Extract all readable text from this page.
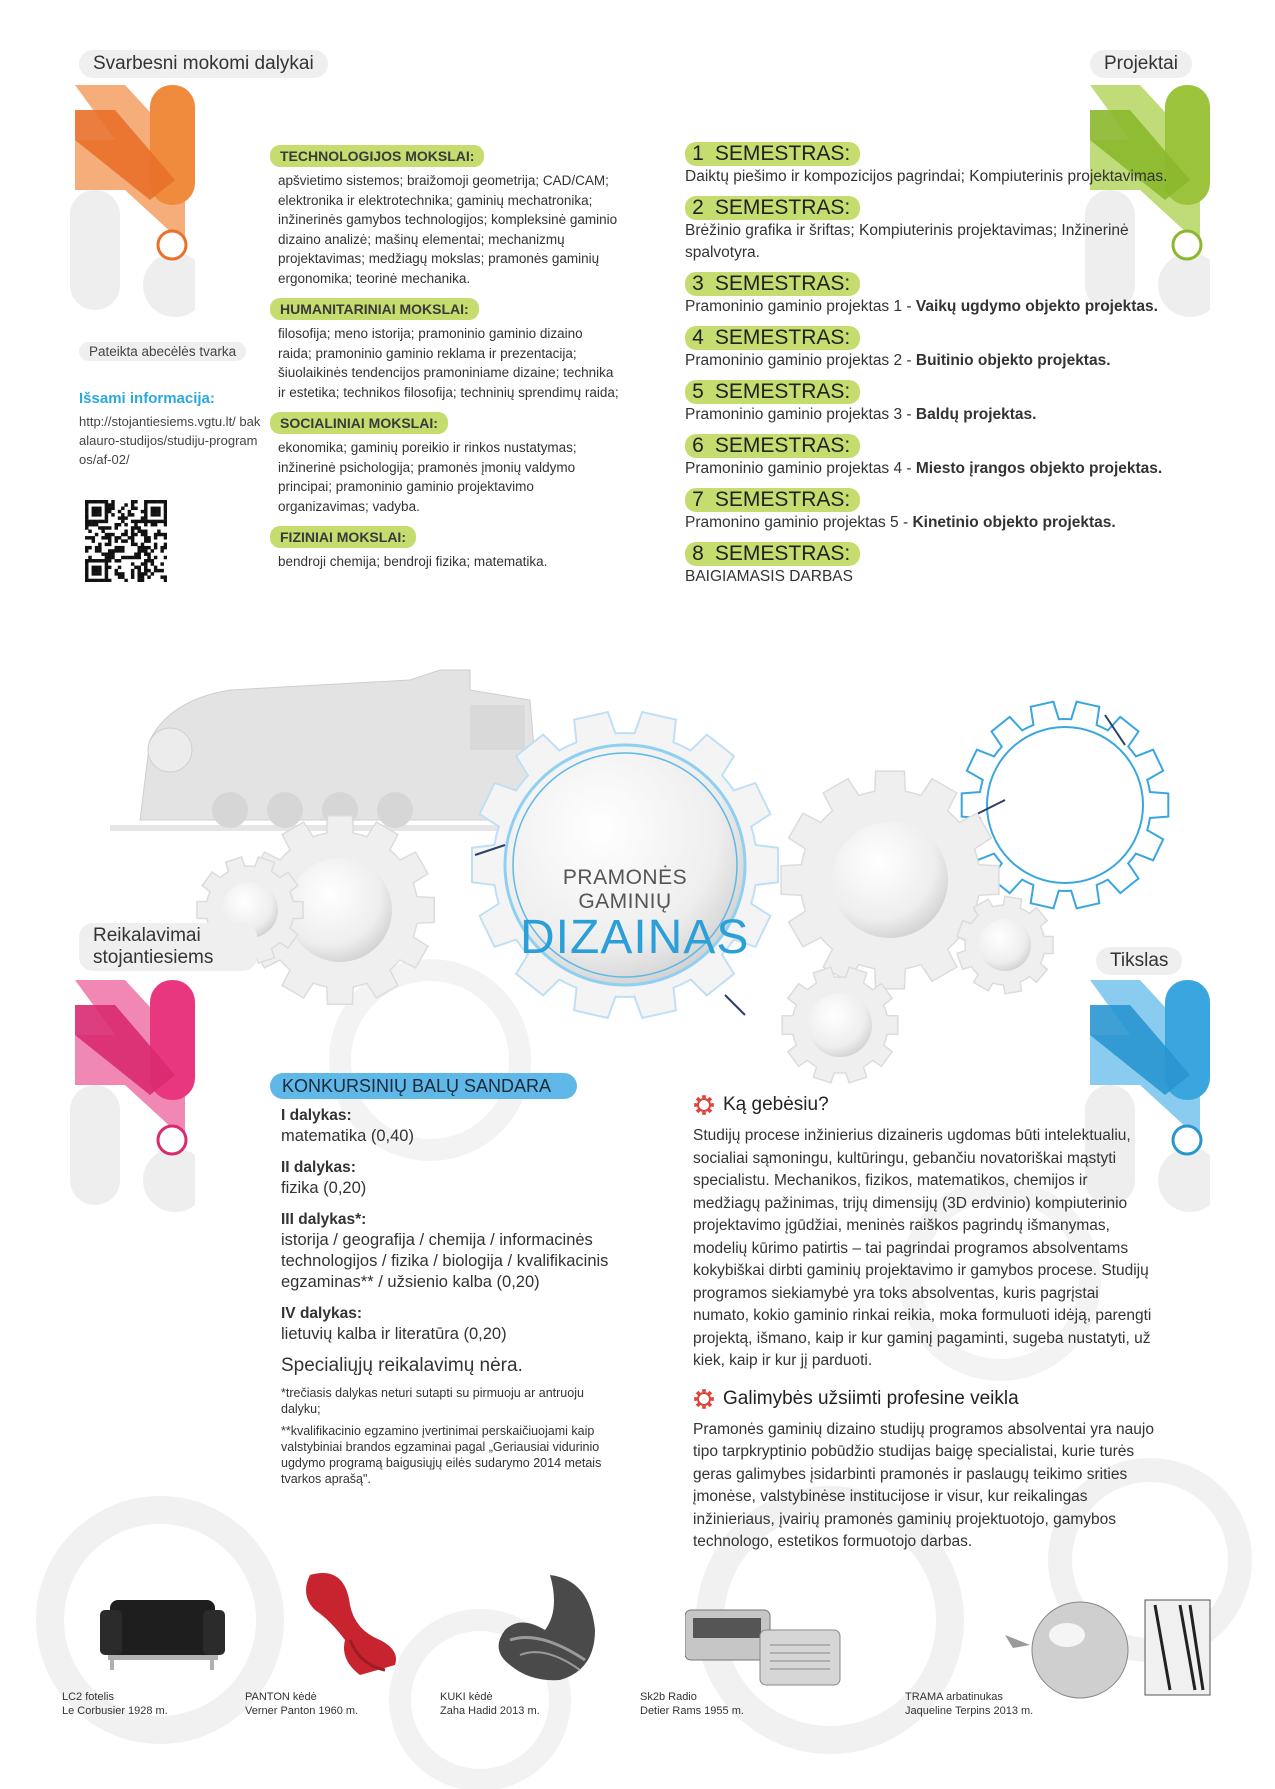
PRAMONĖS GAMINIŲ
DIZAINAS
Svarbesni mokomi dalykai	Projektai
Reikalavimai stojantiesiems	Tikslas
Pateikta abecėlės tvarka
Išsami informacija:
http://stojantiesiems.vgtu.lt/ bakalauro-studijos/studiju-programos/af-02/
TECHNOLOGIJOS MOKSLAI:
apšvietimo sistemos; braižomoji geometrija; CAD/CAM; elektronika ir elektrotechnika; gaminių mechatronika; inžinerinės gamybos technologijos; kompleksinė gaminio dizaino analizė; mašinų elementai; mechanizmų projektavimas; medžiagų mokslas; pramonės gaminių ergonomika; teorinė mechanika.
HUMANITARINIAI MOKSLAI:
filosofija; meno istorija; pramoninio gaminio dizaino raida; pramoninio gaminio reklama ir prezentacija; šiuolaikinės tendencijos pramoniniame dizaine; technika ir estetika; technikos filosofija; techninių sprendimų raida;
SOCIALINIAI MOKSLAI:
ekonomika; gaminių poreikio ir rinkos nustatymas; inžinerinė psichologija; pramonės įmonių valdymo principai; pramoninio gaminio projektavimo organizavimas; vadyba.
FIZINIAI MOKSLAI:
bendroji chemija; bendroji fizika; matematika.
1 SEMESTRAS:
Daiktų piešimo ir kompozicijos pagrindai; Kompiuterinis projektavimas.
2 SEMESTRAS:
Brėžinio grafika ir šriftas; Kompiuterinis projektavimas; Inžinerinė spalvotyra.
3 SEMESTRAS:
Pramoninio gaminio projektas 1 - Vaikų ugdymo objekto projektas.
4 SEMESTRAS:
Pramoninio gaminio projektas 2 - Buitinio objekto projektas.
5 SEMESTRAS:
Pramoninio gaminio projektas 3 - Baldų projektas.
6 SEMESTRAS:
Pramoninio gaminio projektas 4 - Miesto įrangos objekto projektas.
7 SEMESTRAS:
Pramonino gaminio projektas 5 - Kinetinio objekto projektas.
8 SEMESTRAS:
BAIGIAMASIS DARBAS
KONKURSINIŲ BALŲ SANDARA
I dalykas:
matematika (0,40)
II dalykas:
fizika (0,20)
III dalykas*:
istorija / geografija / chemija / informacinės technologijos / fizika / biologija / kvalifikacinis egzaminas** / užsienio kalba (0,20)
IV dalykas:
lietuvių kalba ir literatūra (0,20)
Specialiųjų reikalavimų nėra.
*trečiasis dalykas neturi sutapti su pirmuoju ar antruoju dalyku;
**kvalifikacinio egzamino įvertinimai perskaičiuojami kaip valstybiniai brandos egzaminai pagal „Geriausiai vidurinio ugdymo programą baigusiųjų eilės sudarymo 2014 metais tvarkos aprašą".
Ką gebėsiu?
Studijų procese inžinierius dizaineris ugdomas būti intelektualiu, socialiai sąmoningu, kultūringu, gebančiu novatoriškai mąstyti specialistu. Mechanikos, fizikos, matematikos, chemijos ir medžiagų pažinimas, trijų dimensijų (3D erdvinio) kompiuterinio projektavimo įgūdžiai, meninės raiškos pagrindų išmanymas, modelių kūrimo patirtis – tai pagrindai programos absolventams kokybiškai dirbti gaminių projektavimo ir gamybos procese. Studijų programos siekiamybė yra toks absolventas, kuris pagrįstai numato, kokio gaminio rinkai reikia, moka formuluoti idėją, parengti projektą, išmano, kaip ir kur gaminį pagaminti, sugeba nustatyti, už kiek, kaip ir kur jį parduoti.
Galimybės užsiimti profesine veikla
Pramonės gaminių dizaino studijų programos absolventai yra naujo tipo tarpkryptinio pobūdžio studijas baigę specialistai, kurie turės geras galimybes įsidarbinti pramonės ir paslaugų teikimo srities įmonėse, valstybinėse institucijose ir visur, kur reikalingas inžinieriaus, įvairių pramonės gaminių projektuotojo, gamybos technologo, estetikos formuotojo darbas.
LC2 fotelis
Le Corbusier 1928 m.
PANTON kėdė
Verner Panton 1960 m.
KUKI kėdė
Zaha Hadid 2013 m.
Sk2b Radio
Detier Rams 1955 m.
TRAMA arbatinukas
Jaqueline Terpins 2013 m.
